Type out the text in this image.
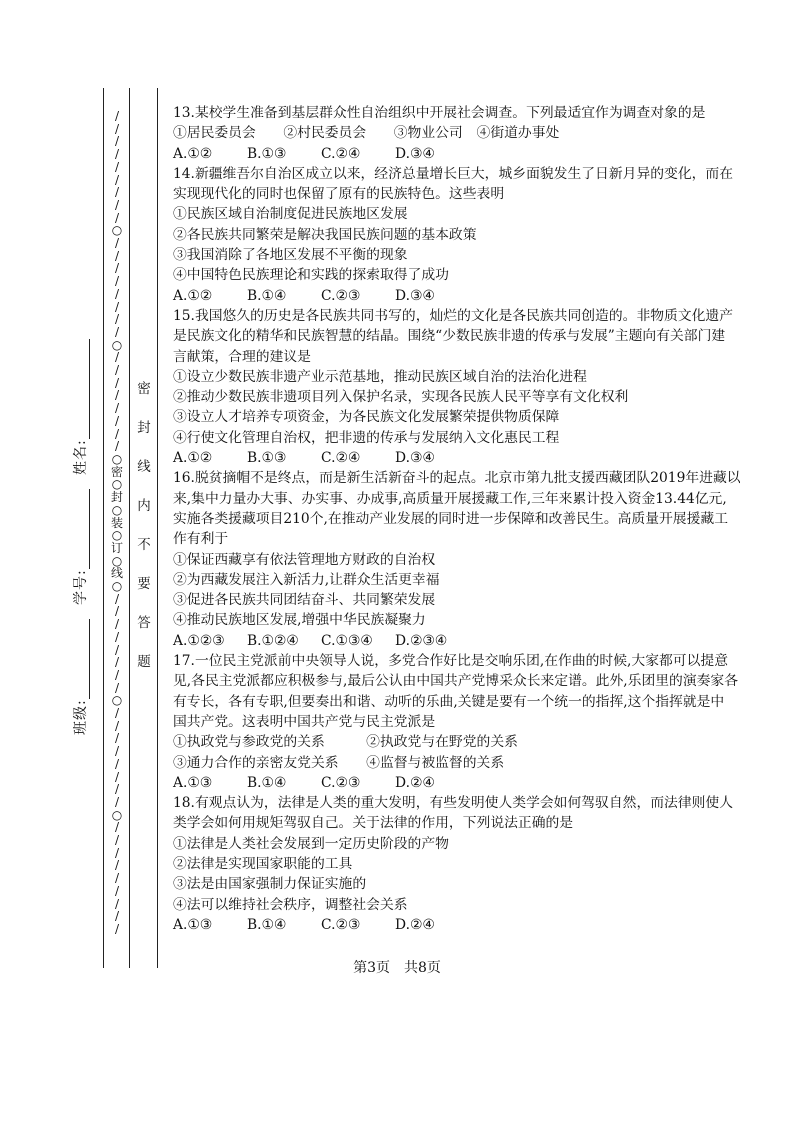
班级:
学号:
姓名:
/
/
/
/
/
/
/
/
/
○
/
/
/
/
/
/
/
/
○
/
/
/
/
/
/
/
/
○
密
○
封
○
装
○
订
○
线
○
/
/
/
/
/
/
/
/
○
/
/
/
/
/
/
/
/
○
/
/
/
/
/
/
/
/
/
密
封
线
内
不
要
答
题

13.某校学生准备到基层群众性自治组织中开展社会调查。下列最适宜作为调查对象的是

①居民委员会　　②村民委员会　　③物业公司　④街道办事处

A.①②	B.①③	C.②④	D.③④

14.新疆维吾尔自治区成立以来，经济总量增长巨大，城乡面貌发生了日新月异的变化，而在

实现现代化的同时也保留了原有的民族特色。这些表明

①民族区域自治制度促进民族地区发展

②各民族共同繁荣是解决我国民族问题的基本政策

③我国消除了各地区发展不平衡的现象

④中国特色民族理论和实践的探索取得了成功

A.①②	B.①④	C.②③	D.③④

15.我国悠久的历史是各民族共同书写的，灿烂的文化是各民族共同创造的。非物质文化遗产

是民族文化的精华和民族智慧的结晶。围绕“少数民族非遗的传承与发展”主题向有关部门建

言献策，合理的建议是

①设立少数民族非遗产业示范基地，推动民族区域自治的法治化进程

②推动少数民族非遗项目列入保护名录，实现各民族人民平等享有文化权利

③设立人才培养专项资金，为各民族文化发展繁荣提供物质保障

④行使文化管理自治权，把非遗的传承与发展纳入文化惠民工程

A.①②	B.①③	C.②④	D.③④

16.脱贫摘帽不是终点，而是新生活新奋斗的起点。北京市第九批支援西藏团队2019年进藏以

来,集中力量办大事、办实事、办成事,高质量开展援藏工作,三年来累计投入资金13.44亿元,

实施各类援藏项目210个,在推动产业发展的同时进一步保障和改善民生。高质量开展援藏工

作有利于

①保证西藏享有依法管理地方财政的自治权

②为西藏发展注入新活力,让群众生活更幸福

③促进各民族共同团结奋斗、共同繁荣发展

④推动民族地区发展,增强中华民族凝聚力

A.①②③ B.①②④ C.①③④ D.②③④

17.一位民主党派前中央领导人说，多党合作好比是交响乐团,在作曲的时候,大家都可以提意

见,各民主党派都应积极参与,最后公认由中国共产党博采众长来定谱。此外,乐团里的演奏家各

有专长，各有专职,但要奏出和谐、动听的乐曲,关键是要有一个统一的指挥,这个指挥就是中

国共产党。这表明中国共产党与民主党派是

①执政党与参政党的关系　　　②执政党与在野党的关系

③通力合作的亲密友党关系　　④监督与被监督的关系

A.①③	B.①④	C.②③	D.②④

18.有观点认为，法律是人类的重大发明，有些发明使人类学会如何驾驭自然，而法律则使人

类学会如何用规矩驾驭自己。关于法律的作用，下列说法正确的是

①法律是人类社会发展到一定历史阶段的产物

②法律是实现国家职能的工具

③法是由国家强制力保证实施的

④法可以维持社会秩序，调整社会关系

A.①③	B.①④	C.②③	D.②④

第3页　共8页
